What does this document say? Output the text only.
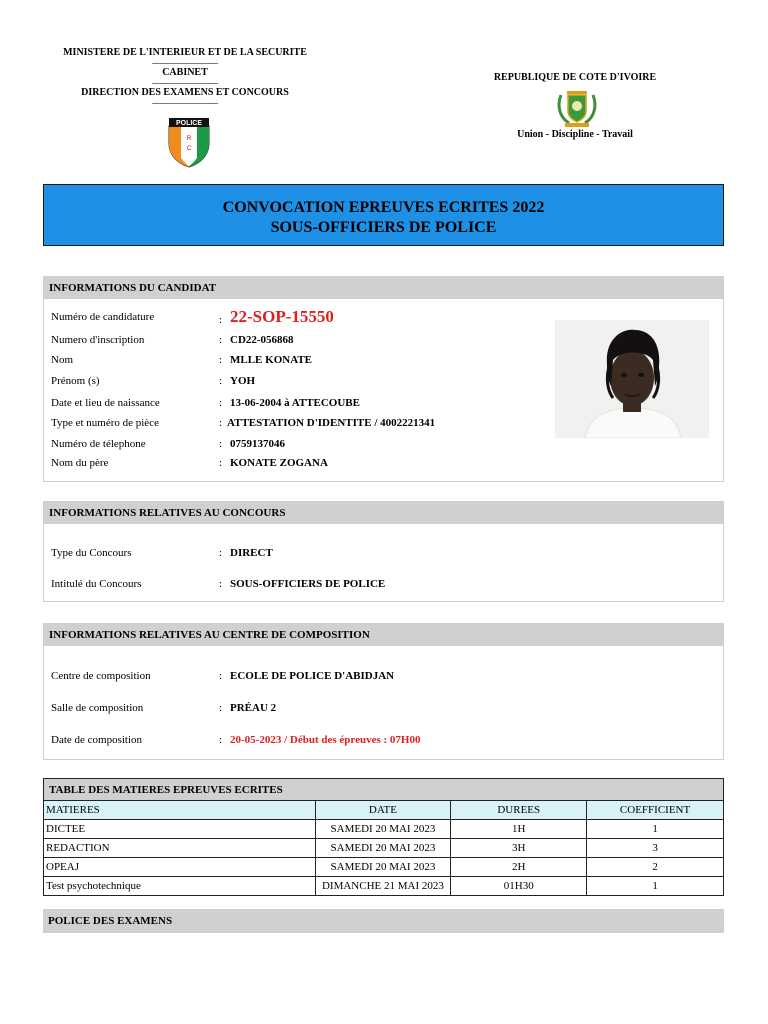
MINISTERE DE L'INTERIEUR ET DE LA SECURITE
------------------------------------
CABINET
------------------------------------
DIRECTION DES EXAMENS ET CONCOURS
------------------------------------
POLICE
R
C
REPUBLIQUE DE COTE D'IVOIRE
Union - Discipline - Travail
CONVOCATION EPREUVES ECRITES 2022
SOUS-OFFICIERS DE POLICE
INFORMATIONS DU CANDIDAT
Numéro de candidature	: 22-SOP-15550
Numero d'inscription	: CD22-056868
Nom	: MLLE KONATE
Prénom (s)	: YOH
Date et lieu de naissance	: 13-06-2004 à ATTECOUBE
Type et numéro de pièce	: ATTESTATION D'IDENTITE / 4002221341
Numéro de télephone	: 0759137046
Nom du père	: KONATE ZOGANA
INFORMATIONS RELATIVES AU CONCOURS
Type du Concours	: DIRECT
Intitulé du Concours	: SOUS-OFFICIERS DE POLICE
INFORMATIONS RELATIVES AU CENTRE DE COMPOSITION
Centre de composition	: ECOLE DE POLICE D'ABIDJAN
Salle de composition	: PRÉAU 2
Date de composition	: 20-05-2023 / Début des épreuves : 07H00
TABLE DES MATIERES EPREUVES ECRITES			
MATIERES	DATE	DUREES	COEFFICIENT
DICTEE	SAMEDI 20 MAI 2023	1H	1
REDACTION	SAMEDI 20 MAI 2023	3H	3
OPEAJ	SAMEDI 20 MAI 2023	2H	2
Test psychotechnique	DIMANCHE 21 MAI 2023	01H30	1
POLICE DES EXAMENS
